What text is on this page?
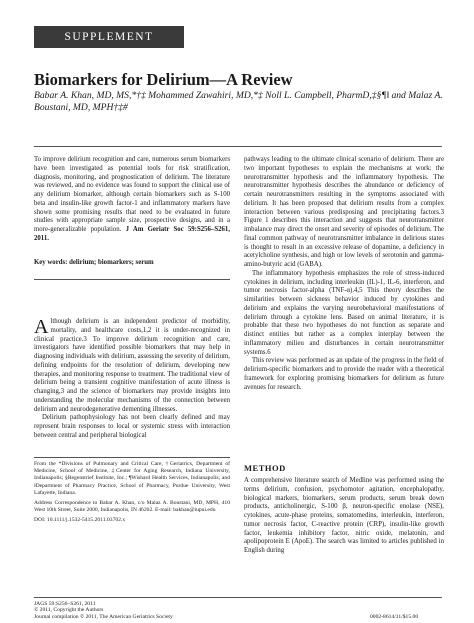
SUPPLEMENT
Biomarkers for Delirium—A Review
Babar A. Khan, MD, MS,*†‡ Mohammed Zawahiri, MD,*‡ Noll L. Campbell, PharmD,‡§¶‖ and Malaz A. Boustani, MD, MPH†‡#

To improve delirium recognition and care, numerous serum biomarkers have been investigated as potential tools for risk stratification, diagnosis, monitoring, and prognostication of delirium. The literature was reviewed, and no evidence was found to support the clinical use of any delirium biomarker, although certain biomarkers such as S-100 beta and insulin-like growth factor-1 and inflammatory markers have shown some promising results that need to be evaluated in future studies with appropriate sample size, prospective designs, and in a more-generalizable population. J Am Geriatr Soc 59:S256–S261, 2011.

Key words: delirium; biomarkers; serum

Although delirium is an independent predictor of morbidity, mortality, and healthcare costs,1,2 it is under-recognized in clinical practice.3 To improve delirium recognition and care, investigators have identified possible biomarkers that may help in diagnosing individuals with delirium, assessing the severity of delirium, defining endpoints for the resolution of delirium, developing new therapies, and monitoring response to treatment. The traditional view of delirium being a transient cognitive manifestation of acute illness is changing,3 and the science of biomarkers may provide insights into understanding the molecular mechanisms of the connection between delirium and neurodegenerative dementing illnesses.

Delirium pathophysiology has not been clearly defined and may represent brain responses to local or systemic stress with interaction between central and peripheral biological

pathways leading to the ultimate clinical scenario of delirium. There are two important hypotheses to explain the mechanisms at work: the neurotransmitter hypothesis and the inflammatory hypothesis. The neurotransmitter hypothesis describes the abundance or deficiency of certain neurotransmitters resulting in the symptoms associated with delirium. It has been proposed that delirium results from a complex interaction between various predisposing and precipitating factors.3 Figure 1 describes this interaction and suggests that neurotransmitter imbalance may direct the onset and severity of episodes of delirium. The final common pathway of neurotransmitter imbalance in delirious states is thought to result in an excessive release of dopamine, a deficiency in acetylcholine synthesis, and high or low levels of serotonin and gamma-amino-butyric acid (GABA).

The inflammatory hypothesis emphasizes the role of stress-induced cytokines in delirium, including interleukin (IL)-1, IL-6, interferon, and tumor necrosis factor-alpha (TNF-α).4,5 This theory describes the similarities between sickness behavior induced by cytokines and delirium and explains the varying neurobehavioral manifestations of delirium through a cytokine lens. Based on animal literature, it is probable that these two hypotheses do not function as separate and distinct entities but rather as a complex interplay between the inflammatory milieu and disturbances in certain neurotransmitter systems.6

This review was performed as an update of the progress in the field of delirium-specific biomarkers and to provide the reader with a theoretical framework for exploring promising biomarkers for delirium as future avenues for research.

METHOD

A comprehensive literature search of Medline was performed using the terms delirium, confusion, psychomotor agitation, encephalopathy, biological markers, biomarkers, serum products, serum break down products, anticholinergic, S-100 β, neuron-specific enolase (NSE), cytokines, acute-phase proteins, somatomedins, interleukin, interferon, tumor necrosis factor, C-reactive protein (CRP), insulin-like growth factor, leukemia inhibitory factor, nitric oxide, melatonin, and apolipoprotein E (ApoE). The search was limited to articles published in English during

From the *Divisions of Pulmonary and Critical Care, †Geriatrics, Department of Medicine, School of Medicine, ‡Center for Aging Research, Indiana University, Indianapolis; §Regenstrief Institute, Inc.; ¶Wishard Health Services, Indianapolis; and ‖Department of Pharmacy Practice, School of Pharmacy, Purdue University, West Lafayette, Indiana.

Address Correspondence to Babar A. Khan, c/o Malaz A. Boustani, MD, MPH, 410 West 10th Street, Suite 2000, Indianapolis, IN 46202. E-mail: bakhan@iupui.edu

DOI: 10.1111/j.1532-5415.2011.03702.x

JAGS 59:S256–S261, 2011
© 2011, Copyright the Authors
Journal compilation © 2011, The American Geriatrics Society	0002-8614/11/$15.00
